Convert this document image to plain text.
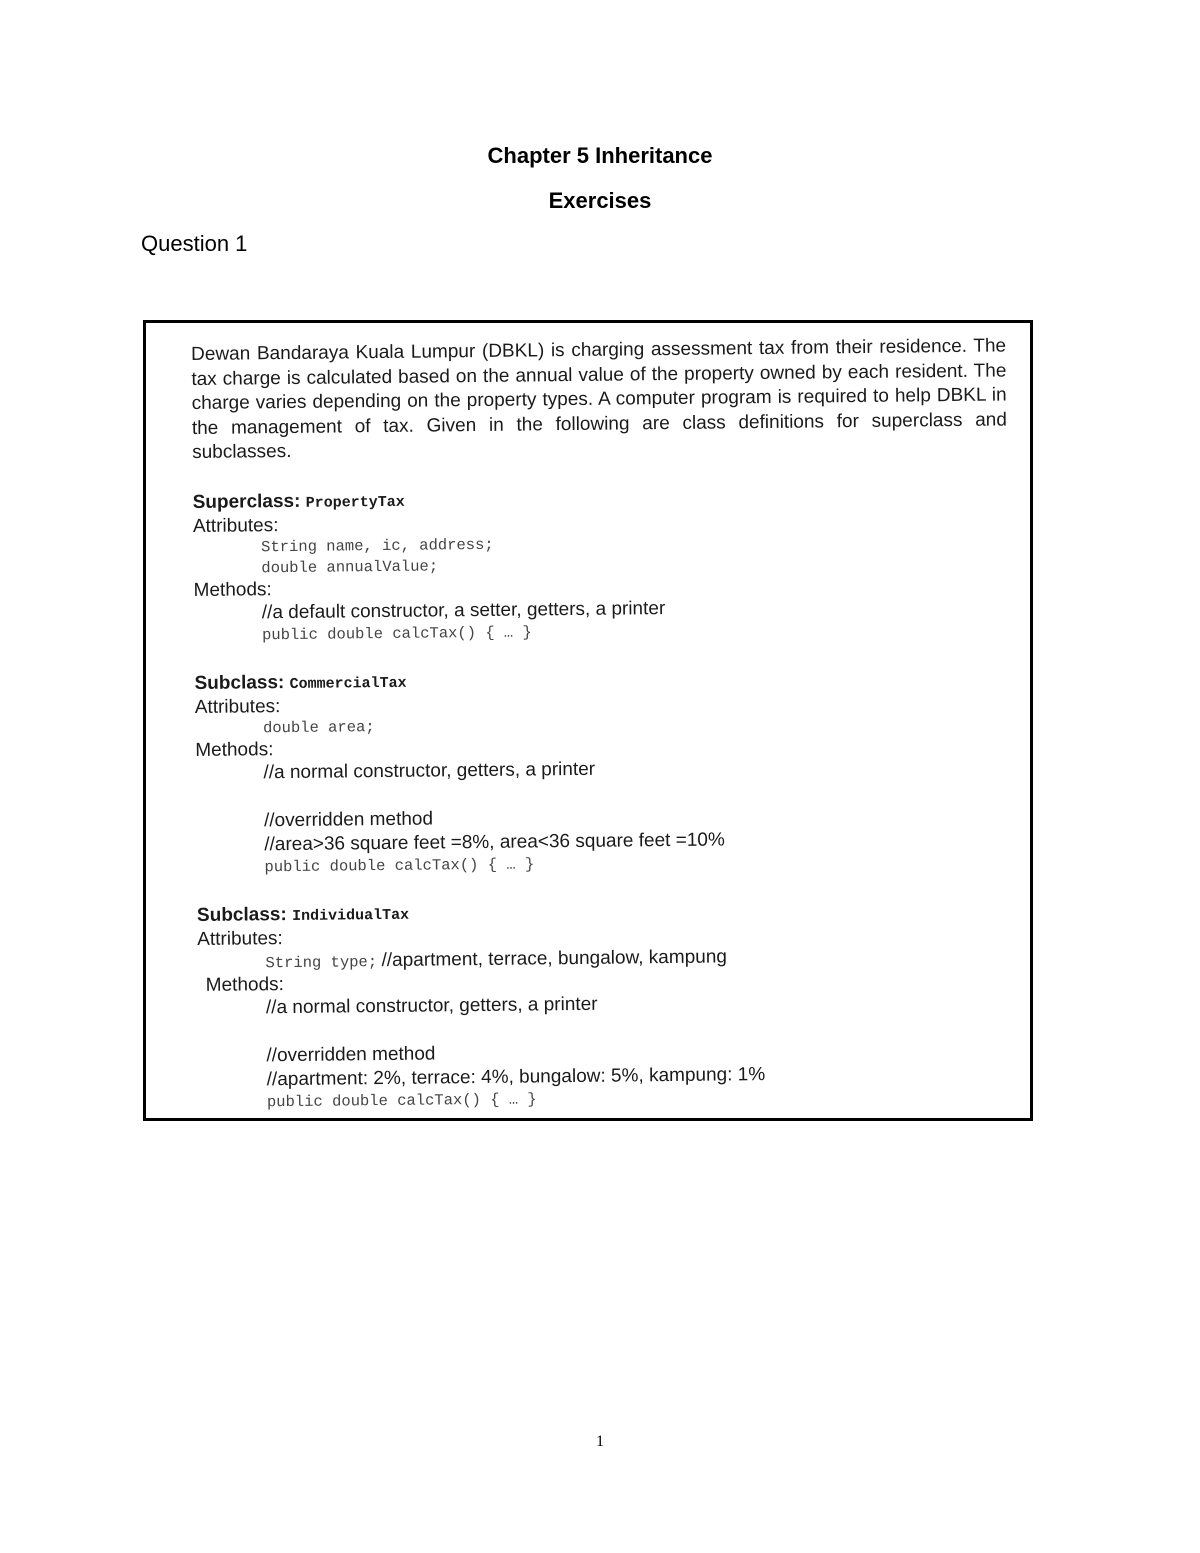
Chapter 5 Inheritance
Exercises
Question 1

Dewan Bandaraya Kuala Lumpur (DBKL) is charging assessment tax from their residence. The tax charge is calculated based on the annual value of the property owned by each resident. The charge varies depending on the property types. A computer program is required to help DBKL in the management of tax. Given in the following are class definitions for superclass and subclasses.

Superclass: PropertyTax
Attributes:
String name, ic, address;
double annualValue;
Methods:
//a default constructor, a setter, getters, a printer
public double calcTax() { … }
Subclass: CommercialTax
Attributes:
double area;
Methods:
//a normal constructor, getters, a printer
//overridden method
//area>36 square feet =8%, area<36 square feet =10%
public double calcTax() { … }
Subclass: IndividualTax
Attributes:
String type; //apartment, terrace, bungalow, kampung
Methods:
//a normal constructor, getters, a printer
//overridden method
//apartment: 2%, terrace: 4%, bungalow: 5%, kampung: 1%
public double calcTax() { … }
1
